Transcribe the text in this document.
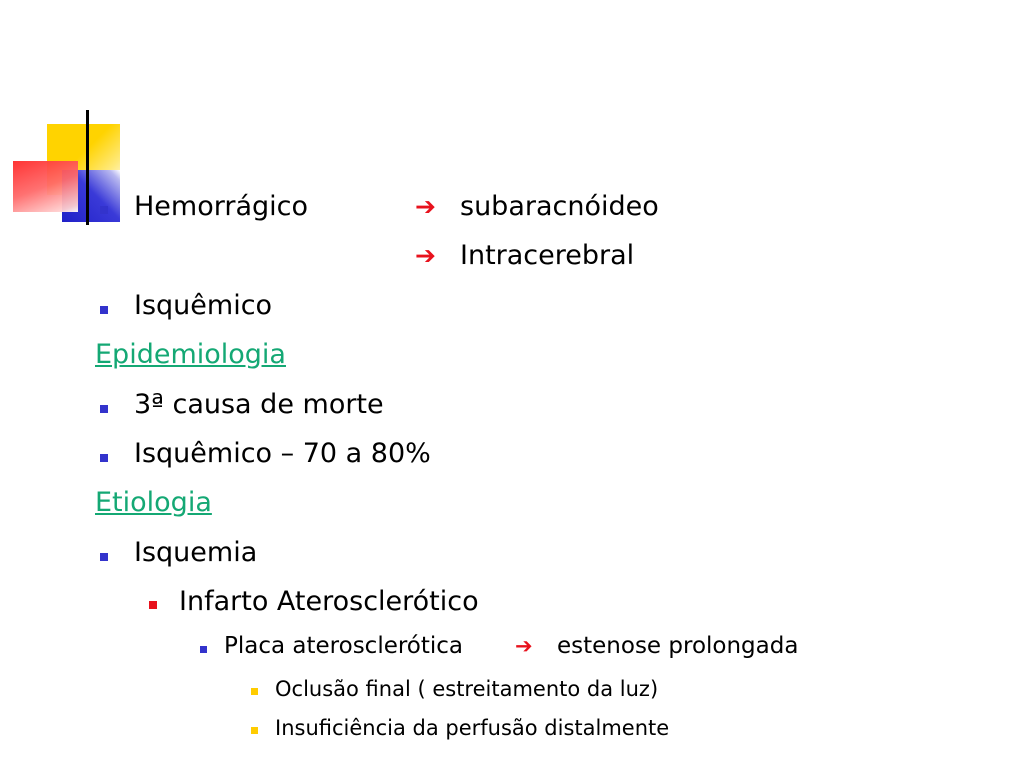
Hemorrágico	➔ subaracnóideo
➔ Intracerebral
Isquêmico
Epidemiologia
3ª causa de morte
Isquêmico – 70 a 80%
Etiologia
Isquemia
Infarto Aterosclerótico
Placa aterosclerótica ➔ estenose prolongada
Oclusão final ( estreitamento da luz)
Insuficiência da perfusão distalmente
